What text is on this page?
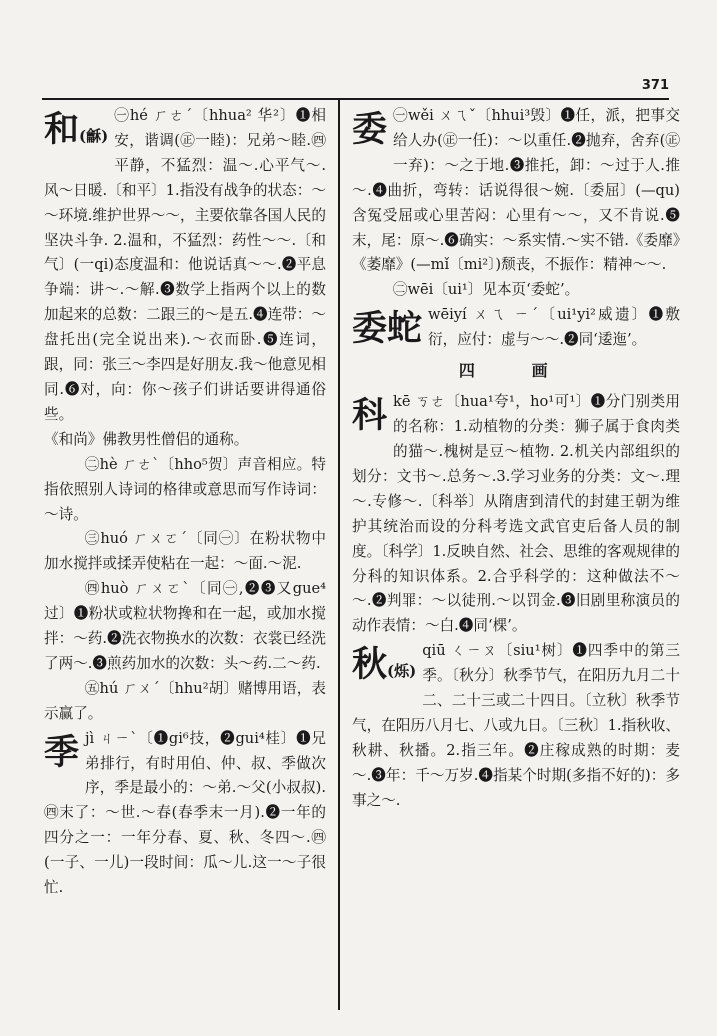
371
和(龢)

㊀hé ㄏㄜˊ〔hhua² 华²〕❶相安，谐调(㊣一睦)：兄弟～睦.㊃平静，不猛烈：温～.心平气～.风～日暖.〔和平〕1.指没有战争的状态：～～环境.维护世界～～，主要依靠各国人民的坚决斗争. 2.温和，不猛烈：药性～～.〔和气〕(一qi)态度温和：他说话真～～.❷平息争端：讲～.～解.❸数学上指两个以上的数加起来的总数：二跟三的～是五.❹连带：～盘托出(完全说出来).～衣而卧.❺连词，跟，同：张三～李四是好朋友.我～他意见相同.❻对，向：你～孩子们讲话要讲得通俗些。

《和尚》佛教男性僧侣的通称。

㊁hè ㄏㄜˋ〔hho⁵贺〕声音相应。特指依照别人诗词的格律或意思而写作诗词：～诗。

㊂huó ㄏㄨㄛˊ〔同㊀〕在粉状物中加水搅拌或揉弄使粘在一起：～面.～泥.

㊃huò ㄏㄨㄛˋ〔同㊀,❷❸又gue⁴过〕❶粉状或粒状物搀和在一起，或加水搅拌：～药.❷洗衣物换水的次数：衣裳已经洗了两～.❸煎药加水的次数：头～药.二～药.

㊄hú ㄏㄨˊ〔hhu²胡〕赌博用语，表示赢了。

季 jì ㄐㄧˋ〔❶gi⁶技，❷gui⁴桂〕❶兄弟排行，有时用伯、仲、叔、季做次序，季是最小的：～弟.～父(小叔叔).㊃末了：～世.～春(春季末一月).❷一年的四分之一：一年分春、夏、秋、冬四～.㊃(一子、一儿)一段时间：瓜～儿.这一～子很忙.

委 ㊀wěi ㄨㄟˇ〔hhui³毁〕❶任，派，把事交给人办(㊣一任)：～以重任.❷抛弃，舍弃(㊣一弃)：～之于地.❸推托，卸：～过于人.推～.❹曲折，弯转：话说得很～婉.〔委屈〕(—qu)含冤受屈或心里苦闷：心里有～～，又不肯说.❺末，尾：原～.❻确实：～系实情.～实不错.《委靡》《萎靡》(—mǐ〔mi²〕)颓丧，不振作：精神～～.

㊁wēi〔ui¹〕见本页‘委蛇’。

委蛇 wēiyí ㄨㄟ ㄧˊ〔ui¹yi²威遗〕❶敷衍，应付：虚与～～.❷同‘逶迤’。

四 画
科 kē ㄎㄜ〔hua¹夸¹，ho¹可¹〕❶分门别类用的名称：1.动植物的分类：狮子属于食肉类的猫～.槐树是豆～植物. 2.机关内部组织的划分：文书～.总务～.3.学习业务的分类：文～.理～.专修～.〔科举〕从隋唐到清代的封建王朝为维护其统治而设的分科考选文武官吏后备人员的制度。〔科学〕1.反映自然、社会、思维的客观规律的分科的知识体系。2.合乎科学的：这种做法不～～.❷判罪：～以徒刑.～以罚金.❸旧剧里称演员的动作表情：～白.❹同‘棵’。

秋(烁)

qiū ㄑㄧㄡ〔siu¹树〕❶四季中的第三季。〔秋分〕秋季节气，在阳历九月二十二、二十三或二十四日。〔立秋〕秋季节气，在阳历八月七、八或九日。〔三秋〕1.指秋收、秋耕、秋播。2.指三年。❷庄稼成熟的时期：麦～.❸年：千～万岁.❹指某个时期(多指不好的)：多事之～.
